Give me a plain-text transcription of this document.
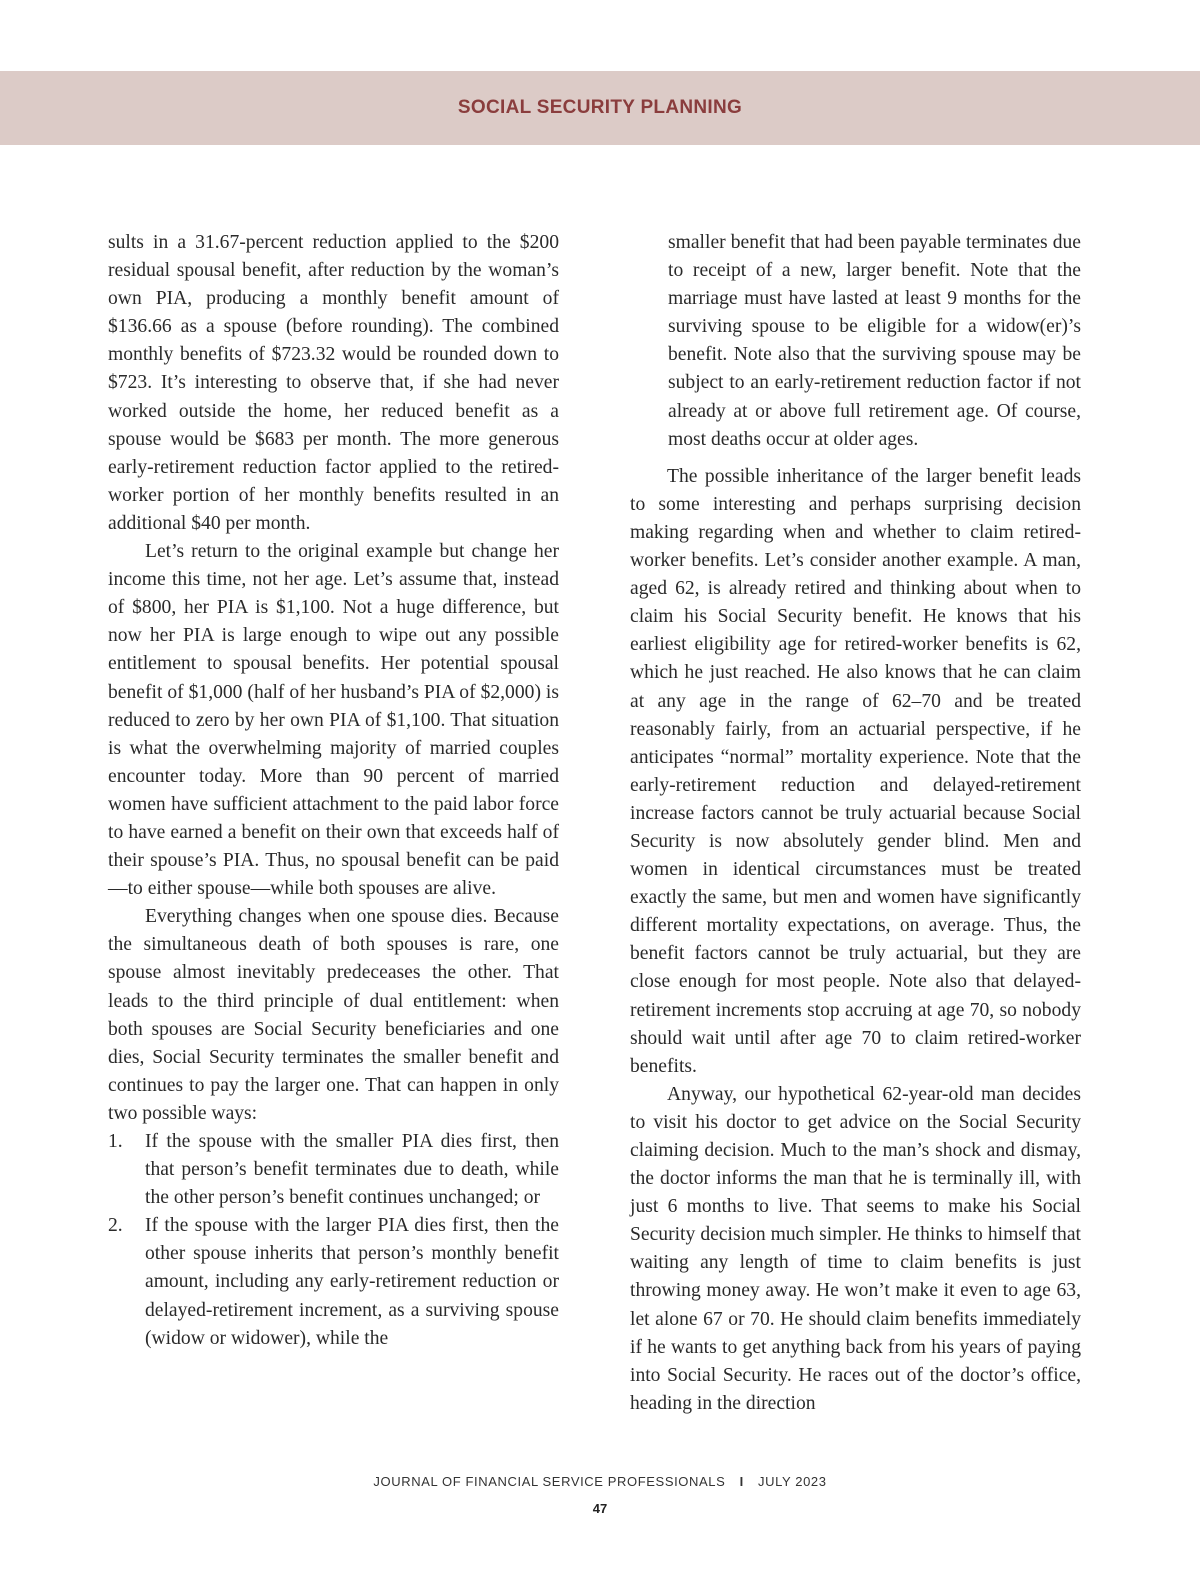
SOCIAL SECURITY PLANNING

sults in a 31.67-percent reduction applied to the $200 residual spousal benefit, after reduction by the woman’s own PIA, producing a monthly benefit amount of $136.66 as a spouse (before rounding). The combined monthly benefits of $723.32 would be rounded down to $723. It’s interesting to observe that, if she had never worked outside the home, her reduced benefit as a spouse would be $683 per month. The more generous early-retirement reduction factor applied to the retired-worker portion of her monthly benefits resulted in an additional $40 per month.

Let’s return to the original example but change her income this time, not her age. Let’s assume that, instead of $800, her PIA is $1,100. Not a huge difference, but now her PIA is large enough to wipe out any possible entitlement to spousal benefits. Her potential spousal benefit of $1,000 (half of her husband’s PIA of $2,000) is reduced to zero by her own PIA of $1,100. That situation is what the overwhelming majority of married couples encounter today. More than 90 percent of married women have sufficient attachment to the paid labor force to have earned a benefit on their own that exceeds half of their spouse’s PIA. Thus, no spousal benefit can be paid—to either spouse—while both spouses are alive.

Everything changes when one spouse dies. Because the simultaneous death of both spouses is rare, one spouse almost inevitably predeceases the other. That leads to the third principle of dual entitlement: when both spouses are Social Security beneficiaries and one dies, Social Security terminates the smaller benefit and continues to pay the larger one. That can happen in only two possible ways:

1. If the spouse with the smaller PIA dies first, then that person’s benefit terminates due to death, while the other person’s benefit continues unchanged; or
2. If the spouse with the larger PIA dies first, then the other spouse inherits that person’s monthly benefit amount, including any early-retirement reduction or delayed-retirement increment, as a surviving spouse (widow or widower), while the

smaller benefit that had been payable terminates due to receipt of a new, larger benefit. Note that the marriage must have lasted at least 9 months for the surviving spouse to be eligible for a widow(er)’s benefit. Note also that the surviving spouse may be subject to an early-retirement reduction factor if not already at or above full retirement age. Of course, most deaths occur at older ages.

The possible inheritance of the larger benefit leads to some interesting and perhaps surprising decision making regarding when and whether to claim retired-worker benefits. Let’s consider another example. A man, aged 62, is already retired and thinking about when to claim his Social Security benefit. He knows that his earliest eligibility age for retired-worker benefits is 62, which he just reached. He also knows that he can claim at any age in the range of 62–70 and be treated reasonably fairly, from an actuarial perspective, if he anticipates “normal” mortality experience. Note that the early-retirement reduction and delayed-retirement increase factors cannot be truly actuarial because Social Security is now absolutely gender blind. Men and women in identical circumstances must be treated exactly the same, but men and women have significantly different mortality expectations, on average. Thus, the benefit factors cannot be truly actuarial, but they are close enough for most people. Note also that delayed-retirement increments stop accruing at age 70, so nobody should wait until after age 70 to claim retired-worker benefits.

Anyway, our hypothetical 62-year-old man decides to visit his doctor to get advice on the Social Security claiming decision. Much to the man’s shock and dismay, the doctor informs the man that he is terminally ill, with just 6 months to live. That seems to make his Social Security decision much simpler. He thinks to himself that waiting any length of time to claim benefits is just throwing money away. He won’t make it even to age 63, let alone 67 or 70. He should claim benefits immediately if he wants to get anything back from his years of paying into Social Security. He races out of the doctor’s office, heading in the direction

JOURNAL OF FINANCIAL SERVICE PROFESSIONALS I JULY 2023
47
